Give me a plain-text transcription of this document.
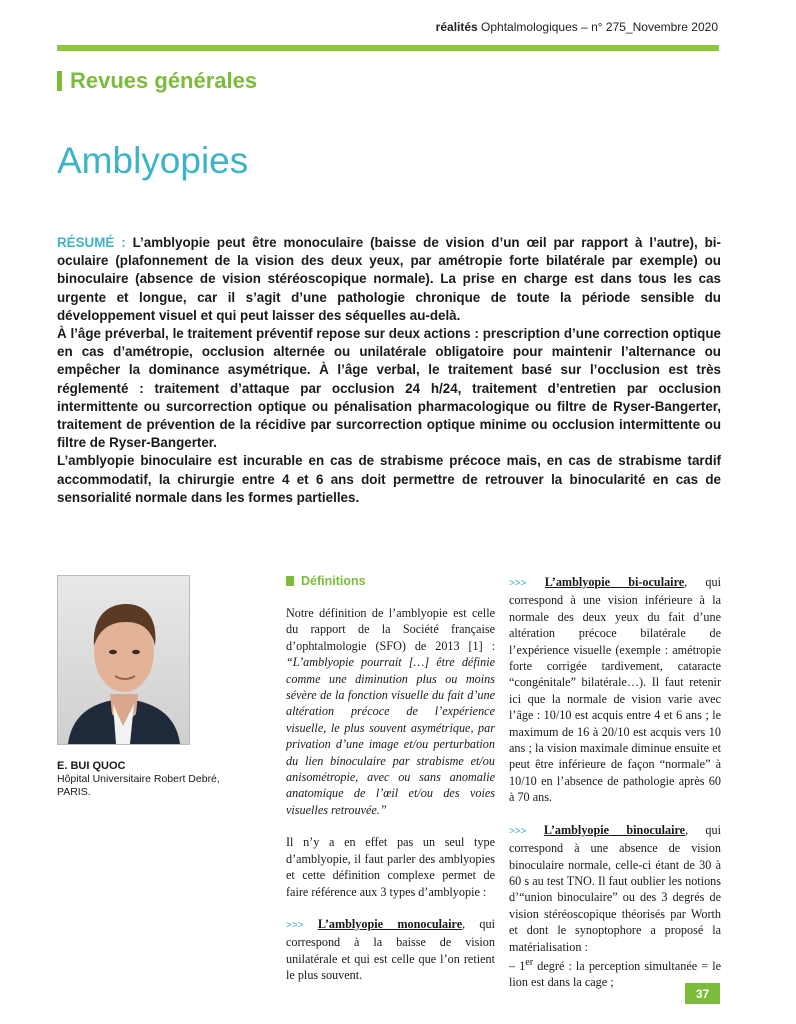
réalités Ophtalmologiques – n° 275_Novembre 2020
Revues générales
Amblyopies

RÉSUMÉ : L’amblyopie peut être monoculaire (baisse de vision d’un œil par rapport à l’autre), bi-oculaire (plafonnement de la vision des deux yeux, par amétropie forte bilatérale par exemple) ou binoculaire (absence de vision stéréoscopique normale). La prise en charge est dans tous les cas urgente et longue, car il s’agit d’une pathologie chronique de toute la période sensible du développement visuel et qui peut laisser des séquelles au-delà.

À l’âge préverbal, le traitement préventif repose sur deux actions : prescription d’une correction optique en cas d’amétropie, occlusion alternée ou unilatérale obligatoire pour maintenir l’alternance ou empêcher la dominance asymétrique. À l’âge verbal, le traitement basé sur l’occlusion est très réglementé : traitement d’attaque par occlusion 24 h/24, traitement d’entretien par occlusion intermittente ou surcorrection optique ou pénalisation pharmacologique ou filtre de Ryser-Bangerter, traitement de prévention de la récidive par surcorrection optique minime ou occlusion intermittente ou filtre de Ryser-Bangerter.

L’amblyopie binoculaire est incurable en cas de strabisme précoce mais, en cas de strabisme tardif accommodatif, la chirurgie entre 4 et 6 ans doit permettre de retrouver la binocularité en cas de sensorialité normale dans les formes partielles.

E. BUI QUOC
Hôpital Universitaire Robert Debré,
PARIS.
Définitions

Notre définition de l’amblyopie est celle du rapport de la Société française d’ophtalmologie (SFO) de 2013 [1] : “L’amblyopie pourrait […] être définie comme une diminution plus ou moins sévère de la fonction visuelle du fait d’une altération précoce de l’expérience visuelle, le plus souvent asymétrique, par privation d’une image et/ou perturbation du lien binoculaire par strabisme et/ou anisométropie, avec ou sans anomalie anatomique de l’œil et/ou des voies visuelles retrouvée.”

Il n’y a en effet pas un seul type d’amblyopie, il faut parler des amblyopies et cette définition complexe permet de faire référence aux 3 types d’amblyopie :

>>> L’amblyopie monoculaire, qui correspond à la baisse de vision unilatérale et qui est celle que l’on retient le plus souvent.

>>> L’amblyopie bi-oculaire, qui correspond à une vision inférieure à la normale des deux yeux du fait d’une altération précoce bilatérale de l’expérience visuelle (exemple : amétropie forte corrigée tardivement, cataracte “congénitale” bilatérale…). Il faut retenir ici que la normale de vision varie avec l’âge : 10/10 est acquis entre 4 et 6 ans ; le maximum de 16 à 20/10 est acquis vers 10 ans ; la vision maximale diminue ensuite et peut être inférieure de façon “normale” à 10/10 en l’absence de pathologie après 60 à 70 ans.

>>> L’amblyopie binoculaire, qui correspond à une absence de vision binoculaire normale, celle-ci étant de 30 à 60 s au test TNO. Il faut oublier les notions d’“union binoculaire” ou des 3 degrés de vision stéréoscopique théorisés par Worth et dont le synoptophore a proposé la matérialisation :

– 1er degré : la perception simultanée = le lion est dans la cage ;

37
